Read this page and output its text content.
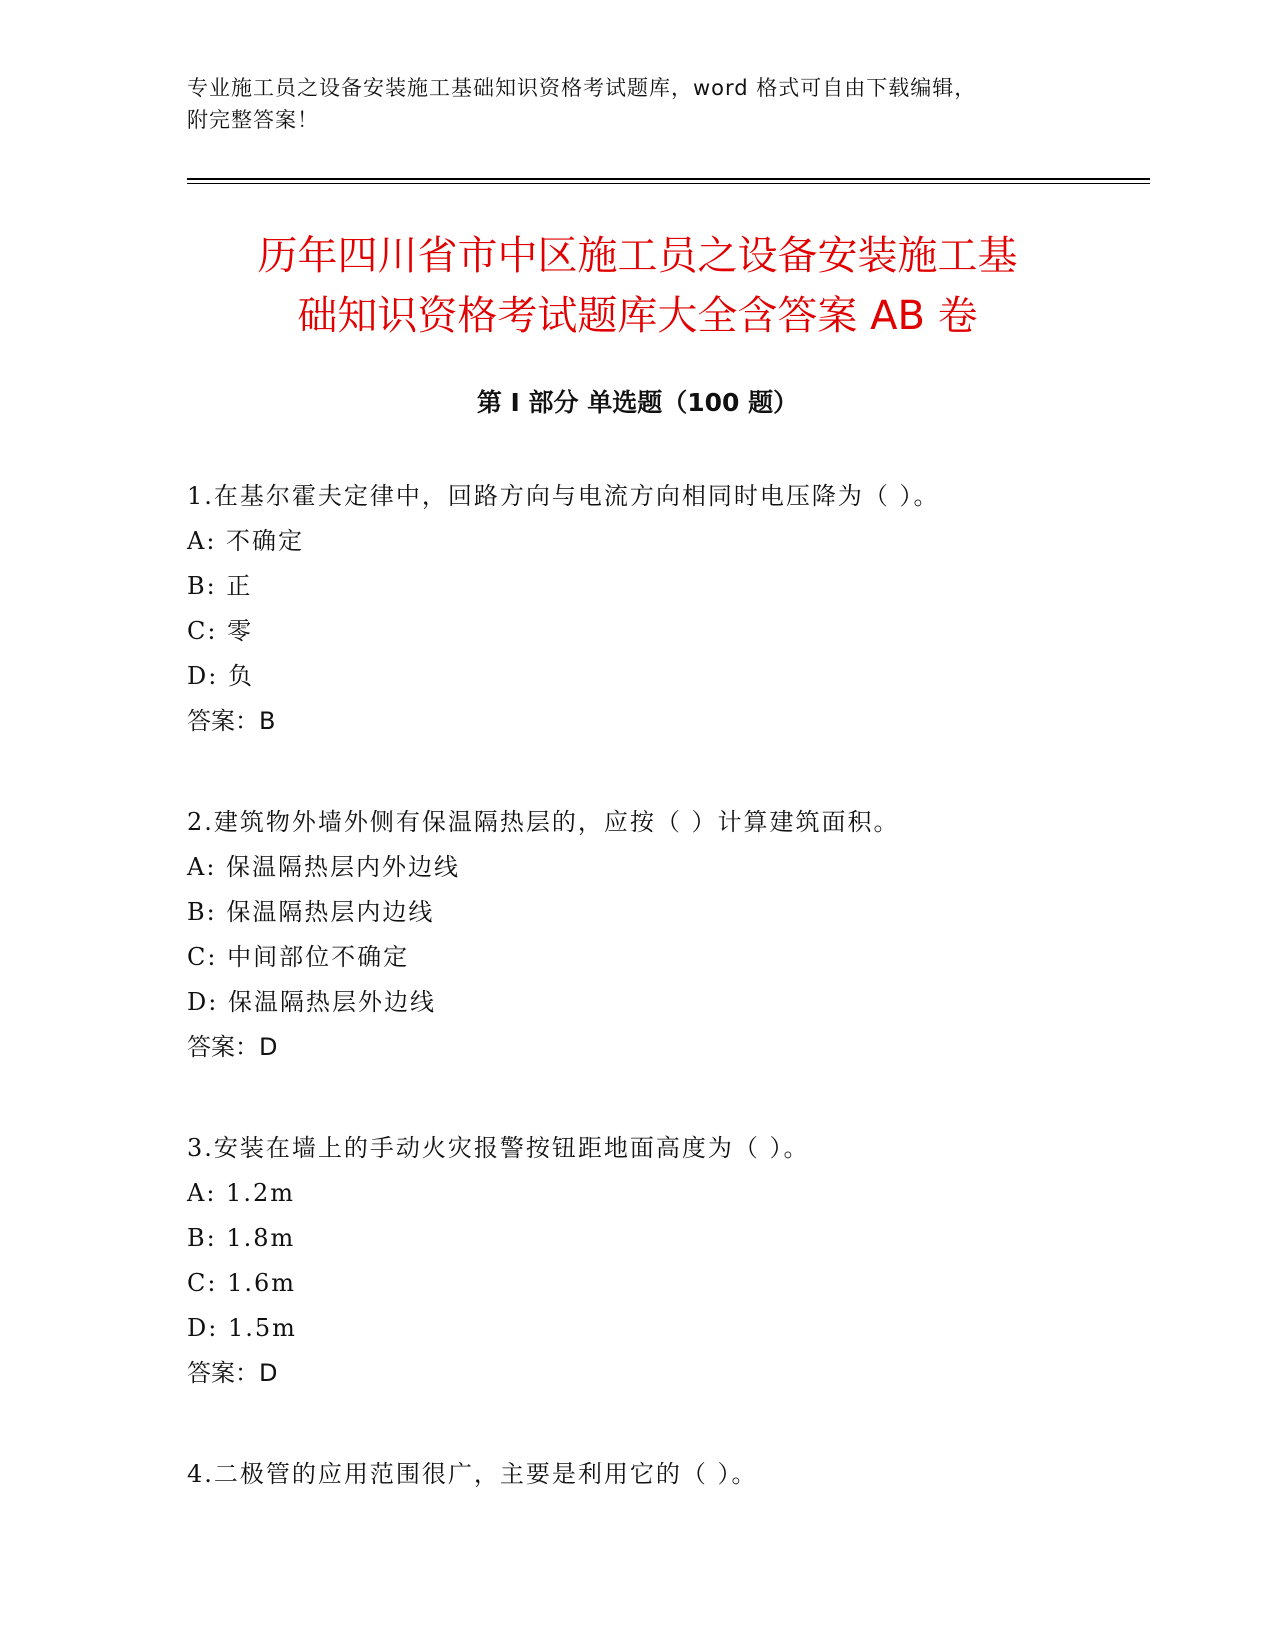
专业施工员之设备安装施工基础知识资格考试题库，word 格式可自由下载编辑，
附完整答案！
历年四川省市中区施工员之设备安装施工基
础知识资格考试题库大全含答案 AB 卷
第 I 部分 单选题（100 题）
1.在基尔霍夫定律中，回路方向与电流方向相同时电压降为（ ）。
A: 不确定
B: 正
C: 零
D: 负
答案：B
2.建筑物外墙外侧有保温隔热层的，应按（ ）计算建筑面积。
A: 保温隔热层内外边线
B: 保温隔热层内边线
C: 中间部位不确定
D: 保温隔热层外边线
答案：D
3.安装在墙上的手动火灾报警按钮距地面高度为（ ）。
A: 1.2m
B: 1.8m
C: 1.6m
D: 1.5m
答案：D
4.二极管的应用范围很广，主要是利用它的（ ）。
